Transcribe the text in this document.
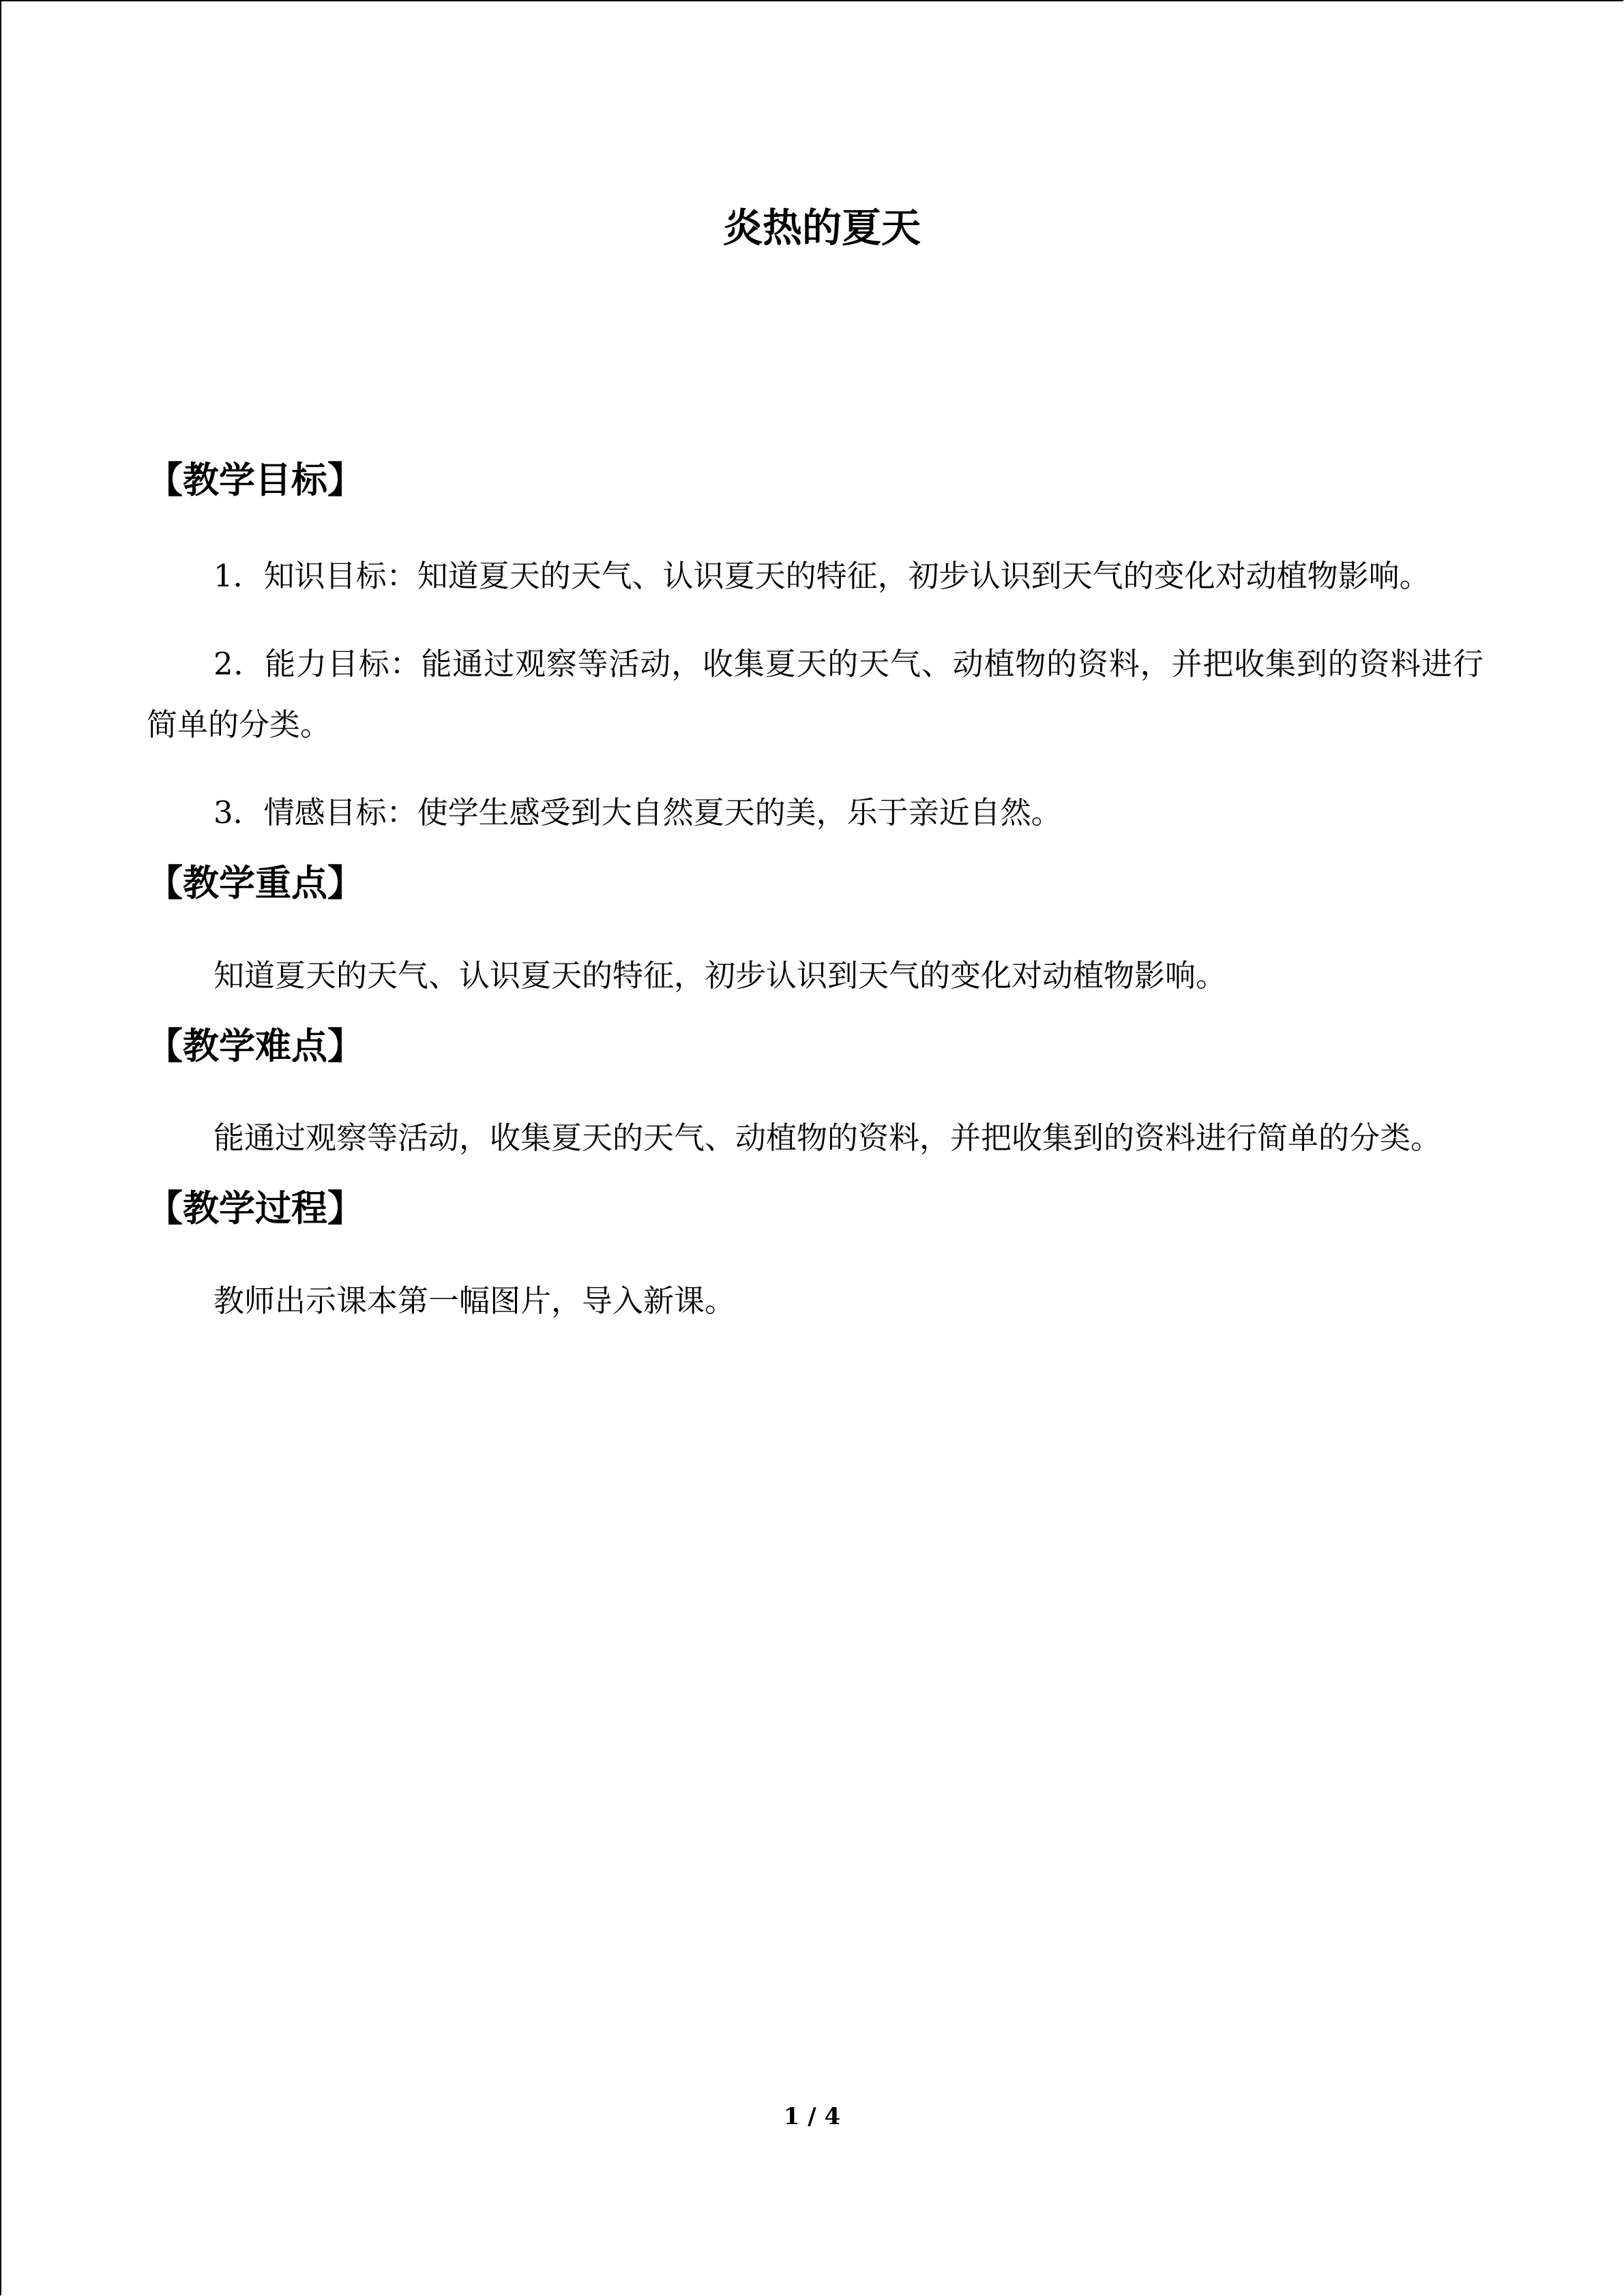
炎热的夏天
【教学目标】

1．知识目标：知道夏天的天气、认识夏天的特征，初步认识到天气的变化对动植物影响。

2．能力目标：能通过观察等活动，收集夏天的天气、动植物的资料，并把收集到的资料进行简单的分类。

3．情感目标：使学生感受到大自然夏天的美，乐于亲近自然。

【教学重点】

知道夏天的天气、认识夏天的特征，初步认识到天气的变化对动植物影响。

【教学难点】

能通过观察等活动，收集夏天的天气、动植物的资料，并把收集到的资料进行简单的分类。

【教学过程】

教师出示课本第一幅图片，导入新课。

1 / 4
